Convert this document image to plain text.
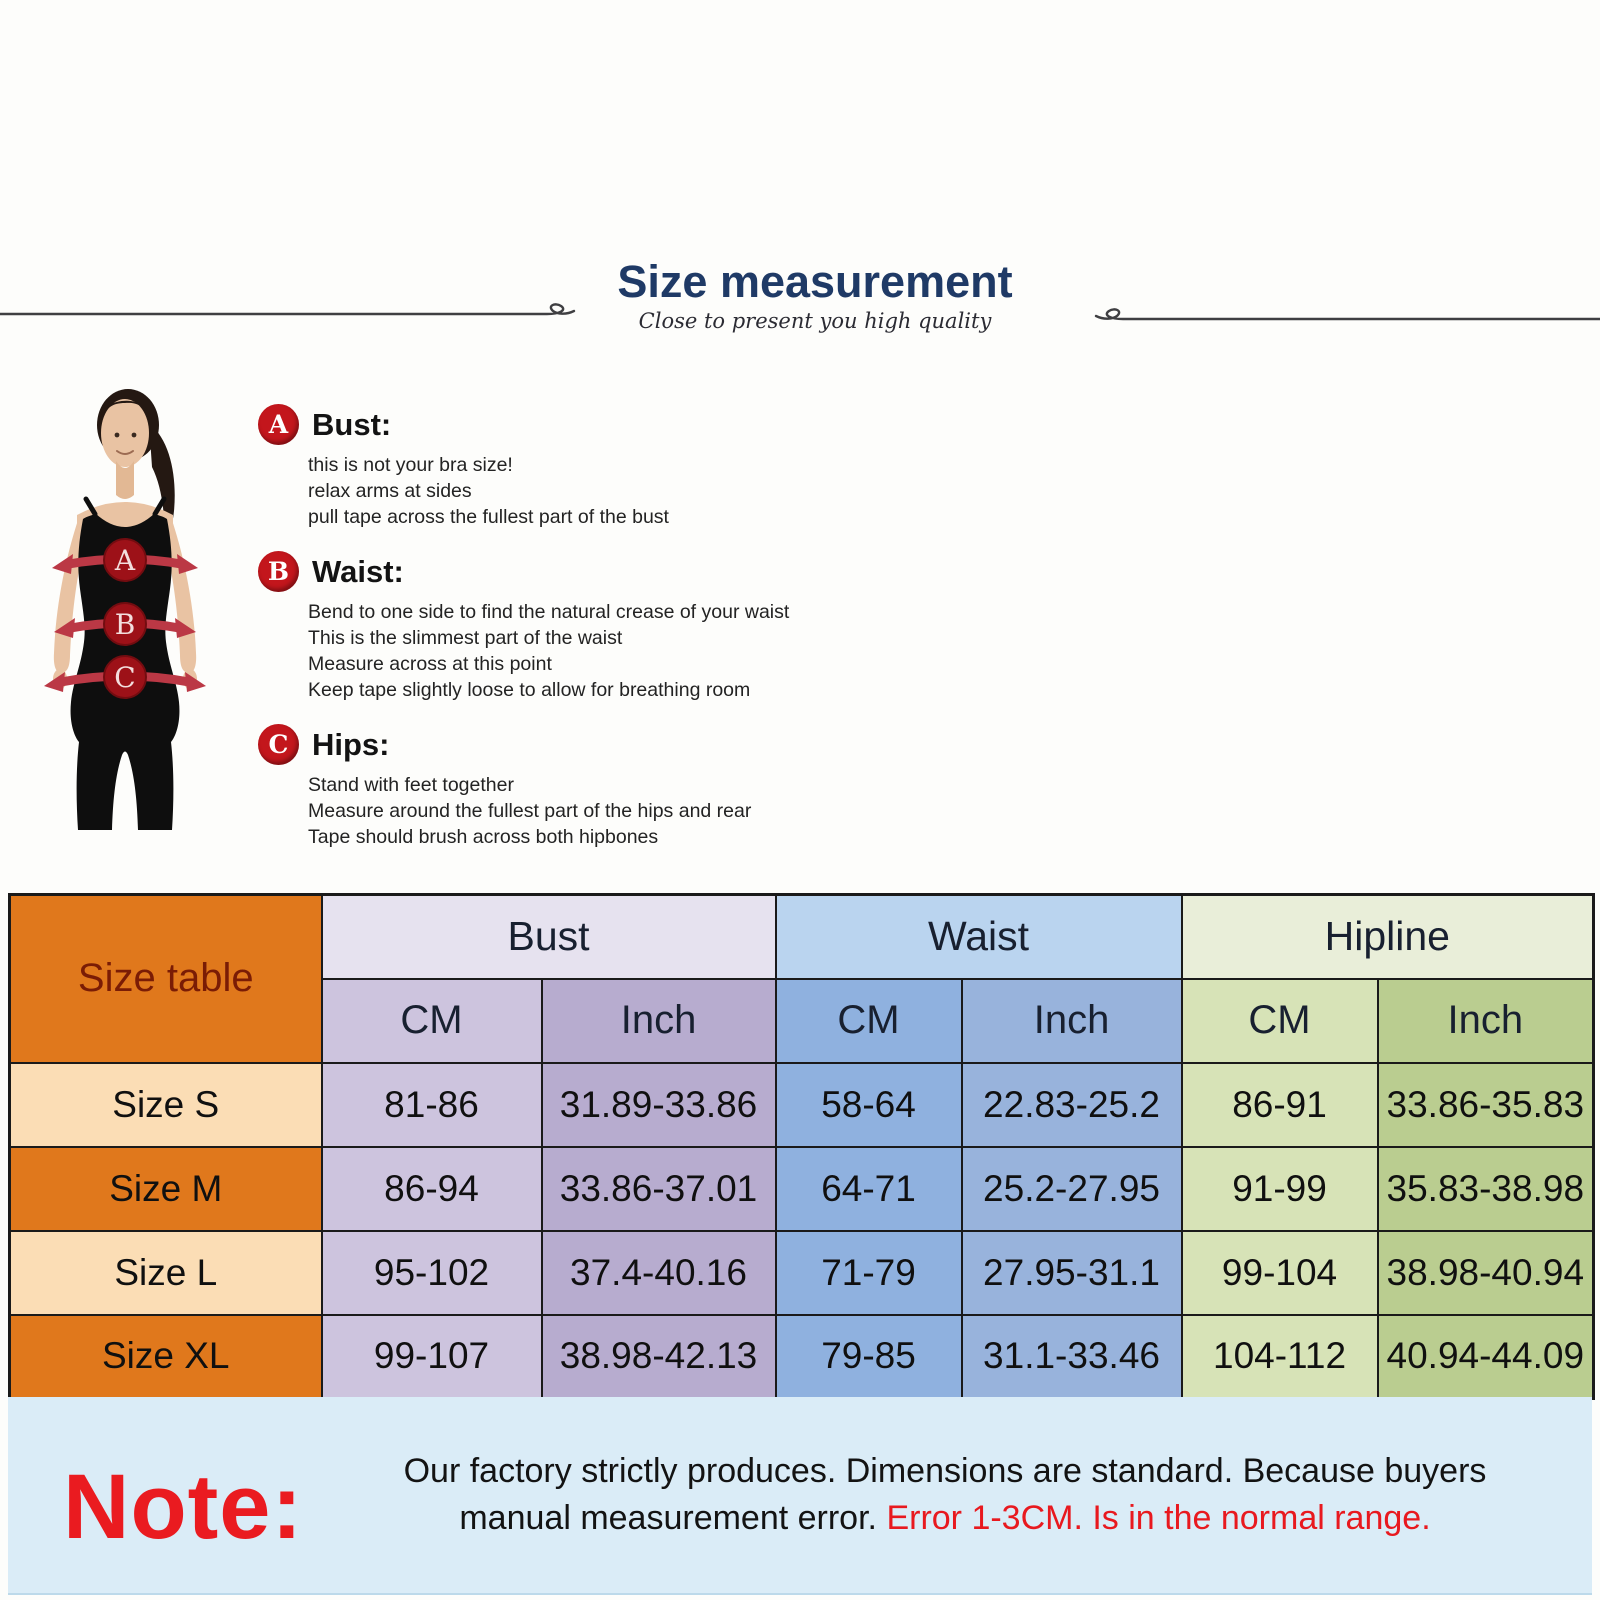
Size measurement
Close to present you high quality
A
B
C
A Bust:

this is not your bra size!

relax arms at sides

pull tape across the fullest part of the bust

B Waist:

Bend to one side to find the natural crease of your waist

This is the slimmest part of the waist

Measure across at this point

Keep tape slightly loose to allow for breathing room

C Hips:

Stand with feet together

Measure around the fullest part of the hips and rear

Tape should brush across both hipbones

Size table	Bust		Waist		Hipline	
	CM	Inch	CM	Inch	CM	Inch
Size S	81-86	31.89-33.86	58-64	22.83-25.2	86-91	33.86-35.83
Size M	86-94	33.86-37.01	64-71	25.2-27.95	91-99	35.83-38.98
Size L	95-102	37.4-40.16	71-79	27.95-31.1	99-104	38.98-40.94
Size XL	99-107	38.98-42.13	79-85	31.1-33.46	104-112	40.94-44.09
Note:	Our factory strictly produces. Dimensions are standard. Because buyers
manual measurement error. Error 1-3CM. Is in the normal range.
